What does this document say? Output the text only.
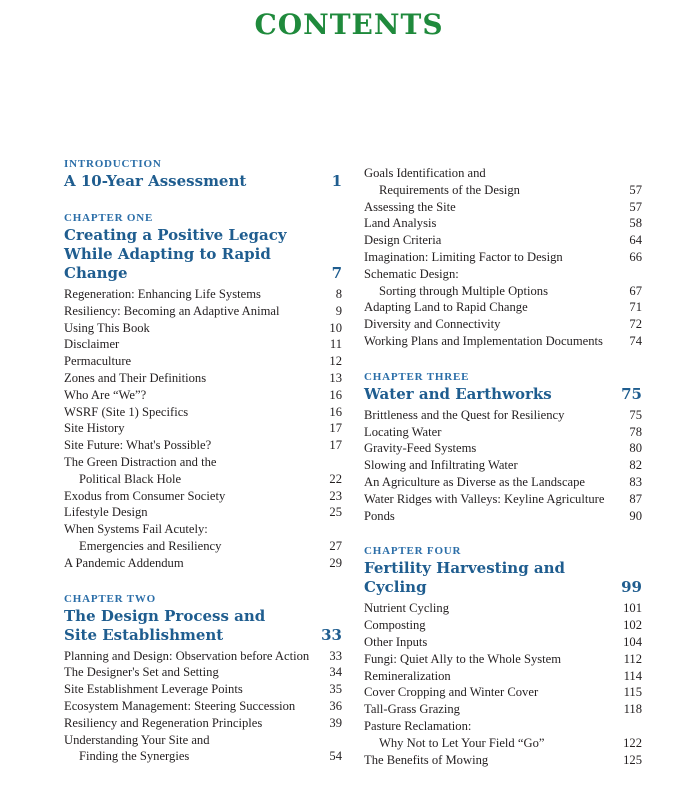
CONTENTS
INTRODUCTION
A 10-Year Assessment	1
CHAPTER ONE
Creating a Positive Legacy
While Adapting to Rapid Change	7
Regeneration: Enhancing Life Systems	8
Resiliency: Becoming an Adaptive Animal	9
Using This Book	10
Disclaimer	11
Permaculture	12
Zones and Their Definitions	13
Who Are “We”?	16
WSRF (Site 1) Specifics	16
Site History	17
Site Future: What's Possible?	17
The Green Distraction and the
Political Black Hole	22
Exodus from Consumer Society	23
Lifestyle Design	25
When Systems Fail Acutely:
Emergencies and Resiliency	27
A Pandemic Addendum	29
CHAPTER TWO
The Design Process and
Site Establishment	33
Planning and Design: Observation before Action	33
The Designer's Set and Setting	34
Site Establishment Leverage Points	35
Ecosystem Management: Steering Succession	36
Resiliency and Regeneration Principles	39
Understanding Your Site and
Finding the Synergies	54
Goals Identification and
Requirements of the Design	57
Assessing the Site	57
Land Analysis	58
Design Criteria	64
Imagination: Limiting Factor to Design	66
Schematic Design:
Sorting through Multiple Options	67
Adapting Land to Rapid Change	71
Diversity and Connectivity	72
Working Plans and Implementation Documents	74
CHAPTER THREE
Water and Earthworks	75
Brittleness and the Quest for Resiliency	75
Locating Water	78
Gravity-Feed Systems	80
Slowing and Infiltrating Water	82
An Agriculture as Diverse as the Landscape	83
Water Ridges with Valleys: Keyline Agriculture	87
Ponds	90
CHAPTER FOUR
Fertility Harvesting and Cycling	99
Nutrient Cycling	101
Composting	102
Other Inputs	104
Fungi: Quiet Ally to the Whole System	112
Remineralization	114
Cover Cropping and Winter Cover	115
Tall-Grass Grazing	118
Pasture Reclamation:
Why Not to Let Your Field “Go”	122
The Benefits of Mowing	125
